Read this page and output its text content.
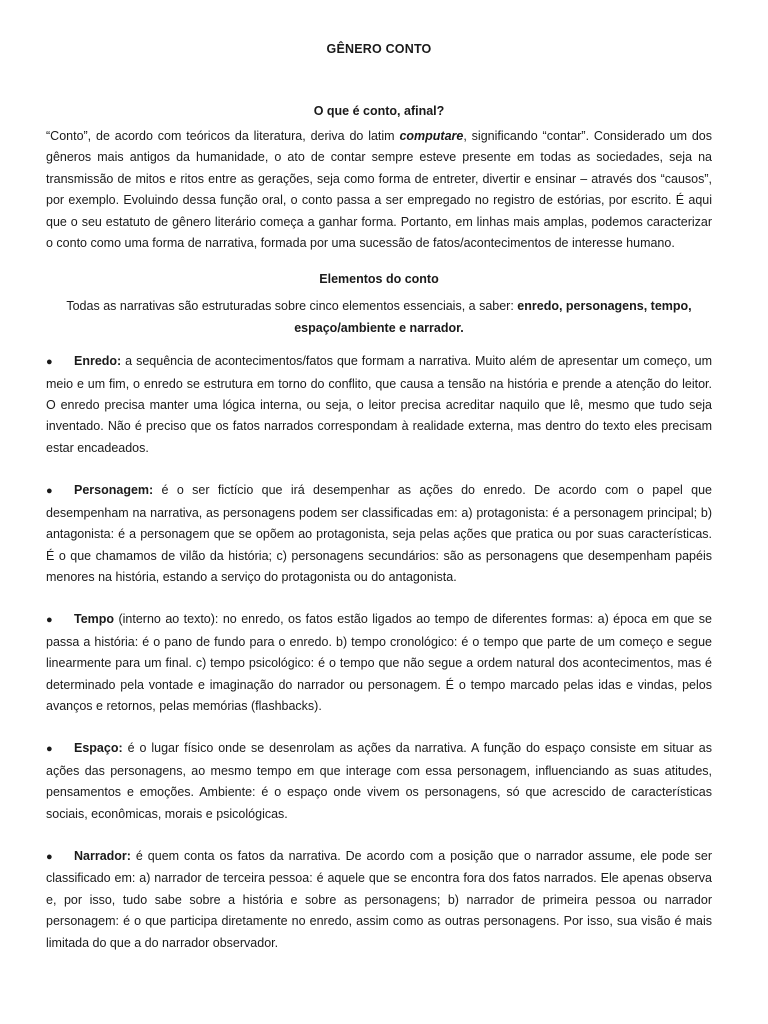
GÊNERO CONTO
O que é conto, afinal?

“Conto”, de acordo com teóricos da literatura, deriva do latim computare, significando “contar”. Considerado um dos gêneros mais antigos da humanidade, o ato de contar sempre esteve presente em todas as sociedades, seja na transmissão de mitos e ritos entre as gerações, seja como forma de entreter, divertir e ensinar – através dos “causos”, por exemplo. Evoluindo dessa função oral, o conto passa a ser empregado no registro de estórias, por escrito. É aqui que o seu estatuto de gênero literário começa a ganhar forma. Portanto, em linhas mais amplas, podemos caracterizar o conto como uma forma de narrativa, formada por uma sucessão de fatos/acontecimentos de interesse humano.

Elementos do conto

Todas as narrativas são estruturadas sobre cinco elementos essenciais, a saber: enredo, personagens, tempo, espaço/ambiente e narrador.

● Enredo: a sequência de acontecimentos/fatos que formam a narrativa. Muito além de apresentar um começo, um meio e um fim, o enredo se estrutura em torno do conflito, que causa a tensão na história e prende a atenção do leitor. O enredo precisa manter uma lógica interna, ou seja, o leitor precisa acreditar naquilo que lê, mesmo que tudo seja inventado. Não é preciso que os fatos narrados correspondam à realidade externa, mas dentro do texto eles precisam estar encadeados.

● Personagem: é o ser fictício que irá desempenhar as ações do enredo. De acordo com o papel que desempenham na narrativa, as personagens podem ser classificadas em: a) protagonista: é a personagem principal; b) antagonista: é a personagem que se opõem ao protagonista, seja pelas ações que pratica ou por suas características. É o que chamamos de vilão da história; c) personagens secundários: são as personagens que desempenham papéis menores na história, estando a serviço do protagonista ou do antagonista.

● Tempo (interno ao texto): no enredo, os fatos estão ligados ao tempo de diferentes formas: a) época em que se passa a história: é o pano de fundo para o enredo. b) tempo cronológico: é o tempo que parte de um começo e segue linearmente para um final. c) tempo psicológico: é o tempo que não segue a ordem natural dos acontecimentos, mas é determinado pela vontade e imaginação do narrador ou personagem. É o tempo marcado pelas idas e vindas, pelos avanços e retornos, pelas memórias (flashbacks).

● Espaço: é o lugar físico onde se desenrolam as ações da narrativa. A função do espaço consiste em situar as ações das personagens, ao mesmo tempo em que interage com essa personagem, influenciando as suas atitudes, pensamentos e emoções. Ambiente: é o espaço onde vivem os personagens, só que acrescido de características sociais, econômicas, morais e psicológicas.

● Narrador: é quem conta os fatos da narrativa. De acordo com a posição que o narrador assume, ele pode ser classificado em: a) narrador de terceira pessoa: é aquele que se encontra fora dos fatos narrados. Ele apenas observa e, por isso, tudo sabe sobre a história e sobre as personagens; b) narrador de primeira pessoa ou narrador personagem: é o que participa diretamente no enredo, assim como as outras personagens. Por isso, sua visão é mais limitada do que a do narrador observador.
